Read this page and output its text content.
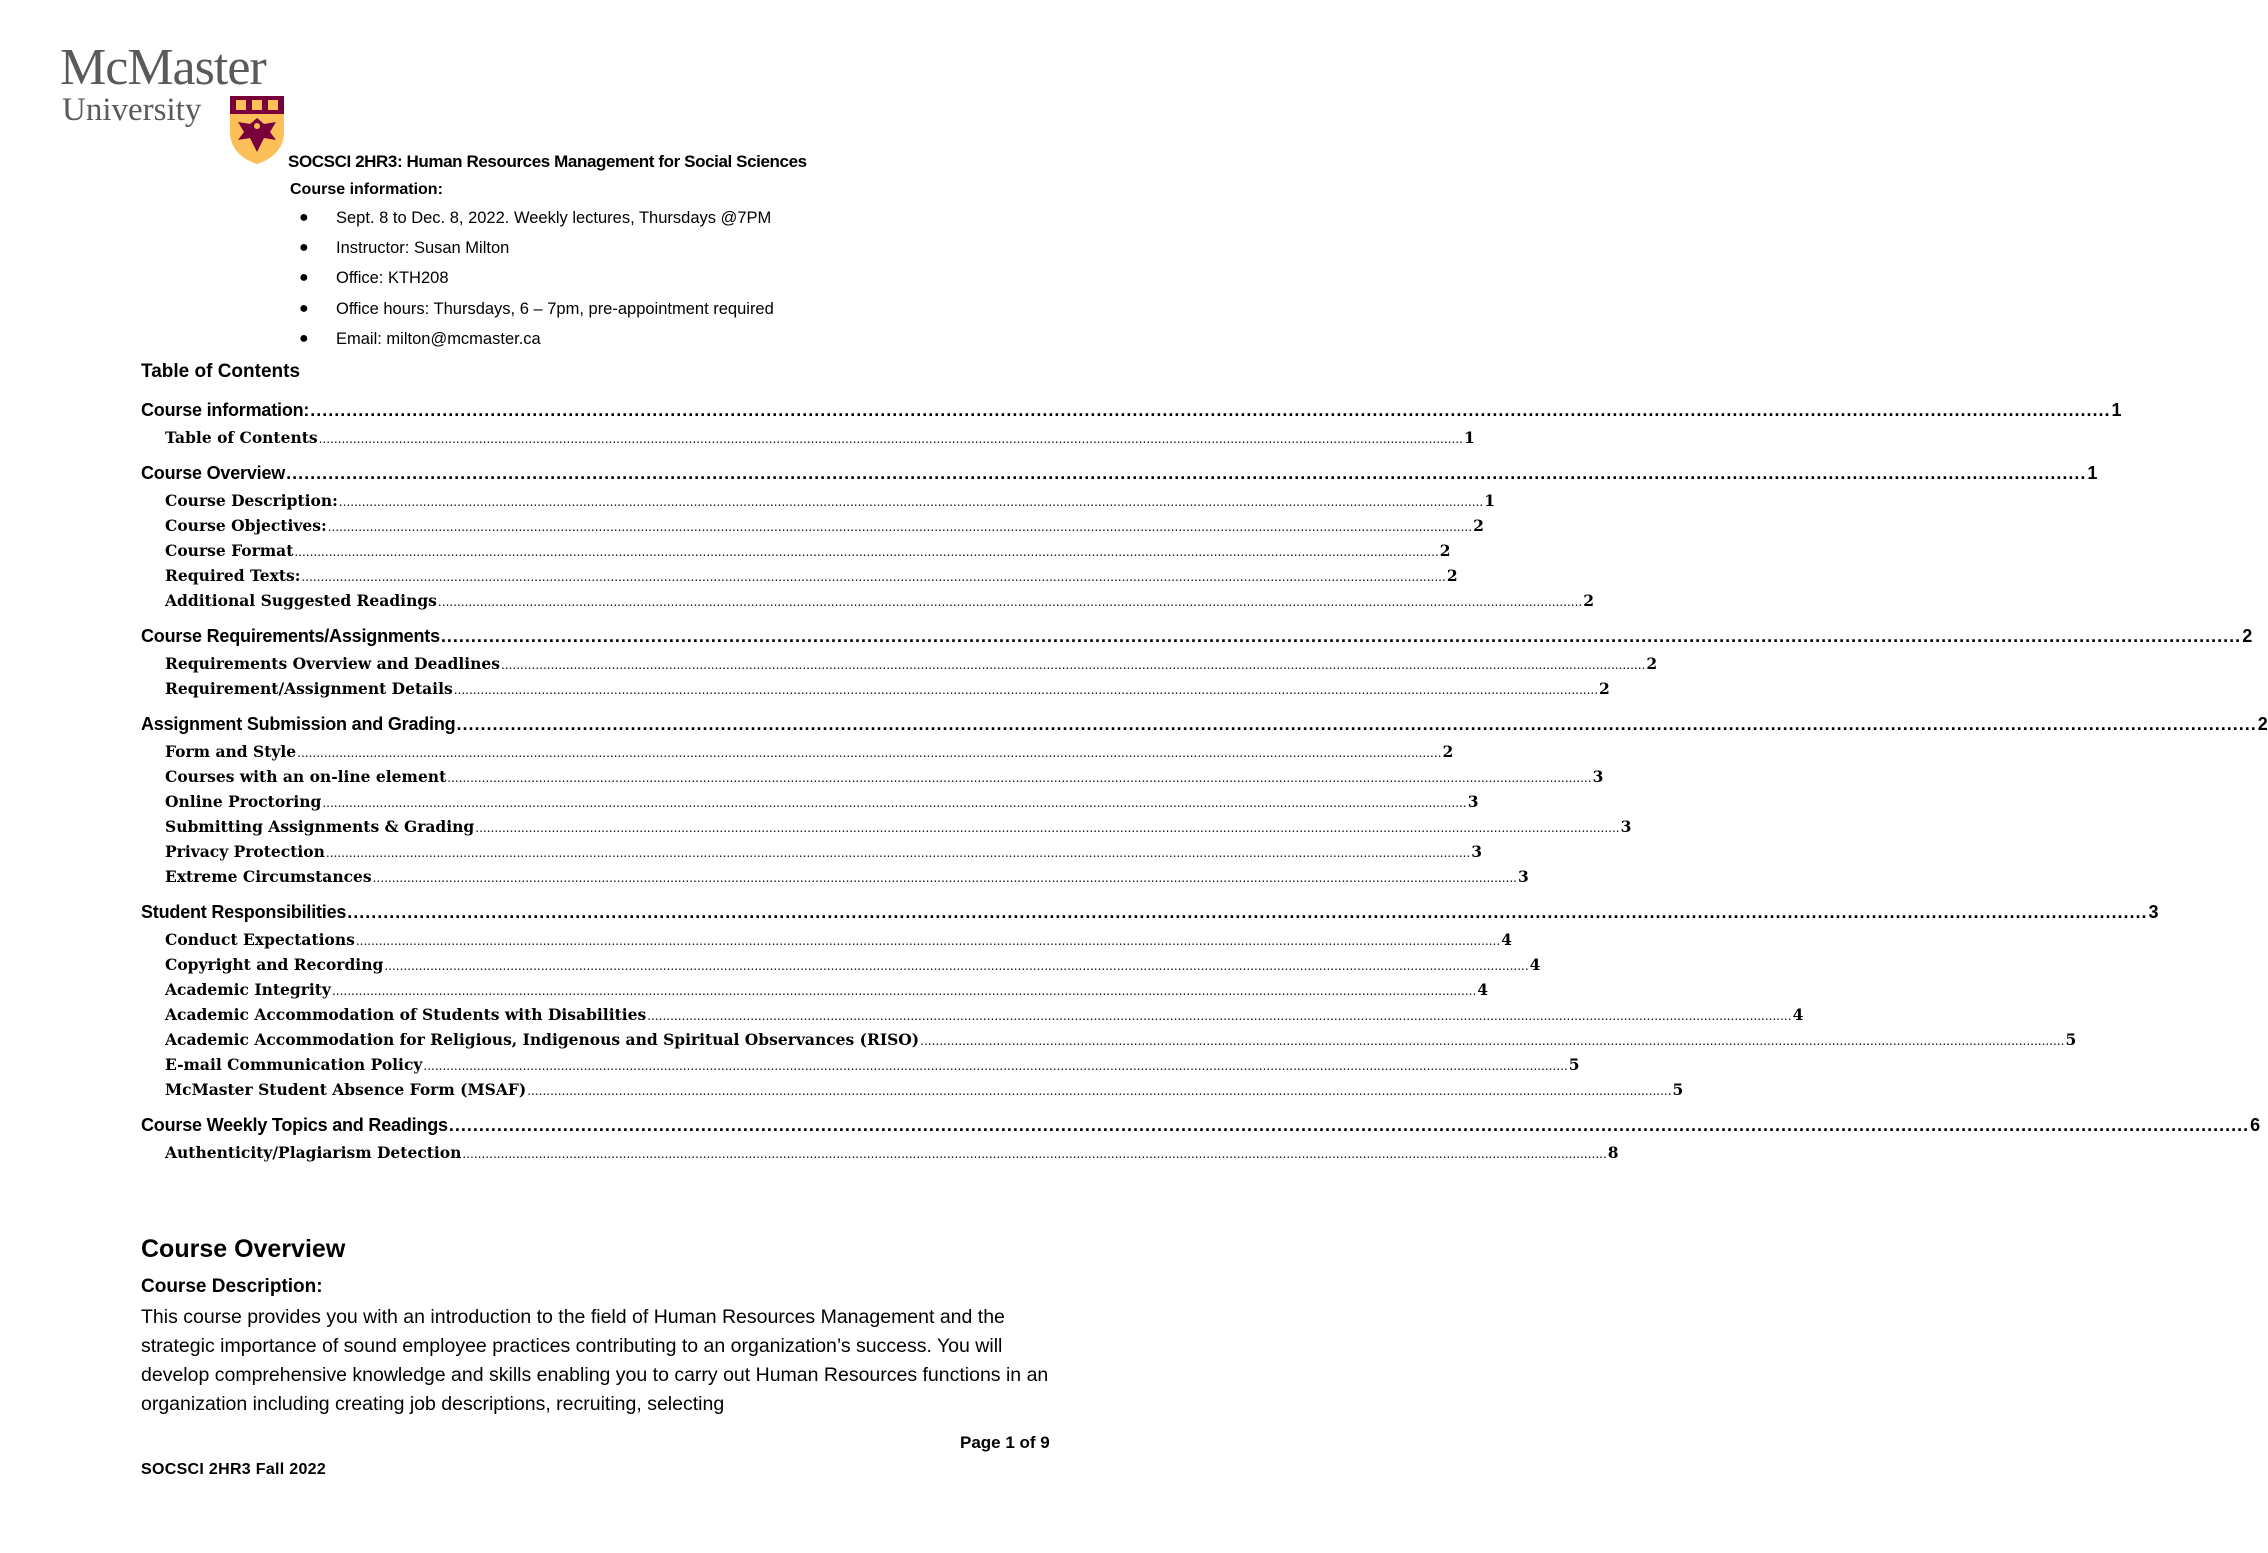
McMaster
University
SOCSCI 2HR3: Human Resources Management for Social Sciences
Course information:
● Sept. 8 to Dec. 8, 2022. Weekly lectures, Thursdays @7PM
● Instructor: Susan Milton
● Office: KTH208
● Office hours: Thursdays, 6 – 7pm, pre-appointment required
● Email: milton@mcmaster.ca
Table of Contents
Course information: ............................................................................................................................................................................................................................................................................................................ 1
Table of Contents ............................................................................................................................................................................................................................................................................................................ 1
Course Overview ............................................................................................................................................................................................................................................................................................................ 1
Course Description: ............................................................................................................................................................................................................................................................................................................ 1
Course Objectives: ............................................................................................................................................................................................................................................................................................................ 2
Course Format ............................................................................................................................................................................................................................................................................................................ 2
Required Texts: ............................................................................................................................................................................................................................................................................................................ 2
Additional Suggested Readings ............................................................................................................................................................................................................................................................................................................ 2
Course Requirements/Assignments ............................................................................................................................................................................................................................................................................................................ 2
Requirements Overview and Deadlines ............................................................................................................................................................................................................................................................................................................ 2
Requirement/Assignment Details ............................................................................................................................................................................................................................................................................................................ 2
Assignment Submission and Grading ............................................................................................................................................................................................................................................................................................................ 2
Form and Style ............................................................................................................................................................................................................................................................................................................ 2
Courses with an on-line element ............................................................................................................................................................................................................................................................................................................ 3
Online Proctoring ............................................................................................................................................................................................................................................................................................................ 3
Submitting Assignments & Grading ............................................................................................................................................................................................................................................................................................................ 3
Privacy Protection ............................................................................................................................................................................................................................................................................................................ 3
Extreme Circumstances ............................................................................................................................................................................................................................................................................................................ 3
Student Responsibilities ............................................................................................................................................................................................................................................................................................................ 3
Conduct Expectations ............................................................................................................................................................................................................................................................................................................ 4
Copyright and Recording ............................................................................................................................................................................................................................................................................................................ 4
Academic Integrity ............................................................................................................................................................................................................................................................................................................ 4
Academic Accommodation of Students with Disabilities ............................................................................................................................................................................................................................................................................................................ 4
Academic Accommodation for Religious, Indigenous and Spiritual Observances (RISO) ............................................................................................................................................................................................................................................................................................................ 5
E-mail Communication Policy ............................................................................................................................................................................................................................................................................................................ 5
McMaster Student Absence Form (MSAF) ............................................................................................................................................................................................................................................................................................................ 5
Course Weekly Topics and Readings ............................................................................................................................................................................................................................................................................................................ 6
Authenticity/Plagiarism Detection ............................................................................................................................................................................................................................................................................................................ 8
Course Overview
Course Description:

This course provides you with an introduction to the field of Human Resources Management and the strategic importance of sound employee practices contributing to an organization’s success. You will develop comprehensive knowledge and skills enabling you to carry out Human Resources functions in an organization including creating job descriptions, recruiting, selecting

Page 1 of 9
SOCSCI 2HR3 Fall 2022
